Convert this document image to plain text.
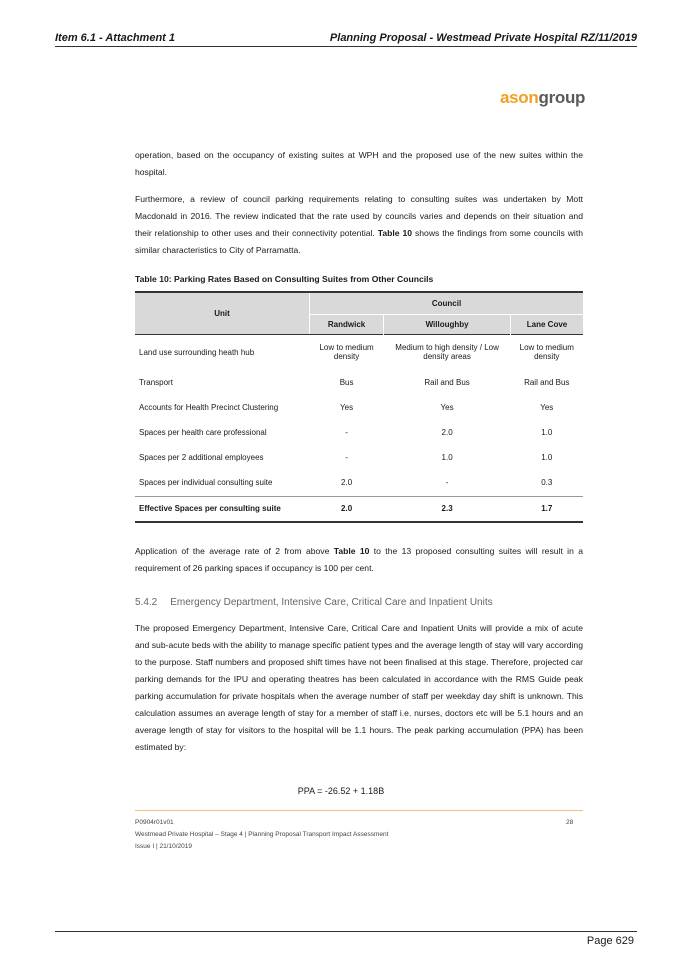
Item 6.1 - Attachment 1	Planning Proposal - Westmead Private Hospital RZ/11/2019
asongroup

operation, based on the occupancy of existing suites at WPH and the proposed use of the new suites within the hospital.

Furthermore, a review of council parking requirements relating to consulting suites was undertaken by Mott Macdonald in 2016. The review indicated that the rate used by councils varies and depends on their situation and their relationship to other uses and their connectivity potential. Table 10 shows the findings from some councils with similar characteristics to City of Parramatta.

Table 10: Parking Rates Based on Consulting Suites from Other Councils
Unit	Council		
	Randwick	Willoughby	Lane Cove
Land use surrounding heath hub	Low to medium density	Medium to high density / Low density areas	Low to medium density
Transport	Bus	Rail and Bus	Rail and Bus
Accounts for Health Precinct Clustering	Yes	Yes	Yes
Spaces per health care professional	-	2.0	1.0
Spaces per 2 additional employees	-	1.0	1.0
Spaces per individual consulting suite	2.0	-	0.3
Effective Spaces per consulting suite	2.0	2.3	1.7

Application of the average rate of 2 from above Table 10 to the 13 proposed consulting suites will result in a requirement of 26 parking spaces if occupancy is 100 per cent.

5.4.2 Emergency Department, Intensive Care, Critical Care and Inpatient Units

The proposed Emergency Department, Intensive Care, Critical Care and Inpatient Units will provide a mix of acute and sub-acute beds with the ability to manage specific patient types and the average length of stay will vary according to the purpose. Staff numbers and proposed shift times have not been finalised at this stage. Therefore, projected car parking demands for the IPU and operating theatres has been calculated in accordance with the RMS Guide peak parking accumulation for private hospitals when the average number of staff per weekday day shift is unknown. This calculation assumes an average length of stay for a member of staff i.e. nurses, doctors etc will be 5.1 hours and an average length of stay for visitors to the hospital will be 1.1 hours. The peak parking accumulation (PPA) has been estimated by:

PPA = -26.52 + 1.18B
P0904r01v01
Westmead Private Hospital – Stage 4 | Planning Proposal Transport Impact Assessment
Issue I | 21/10/2019
28
Page 629
